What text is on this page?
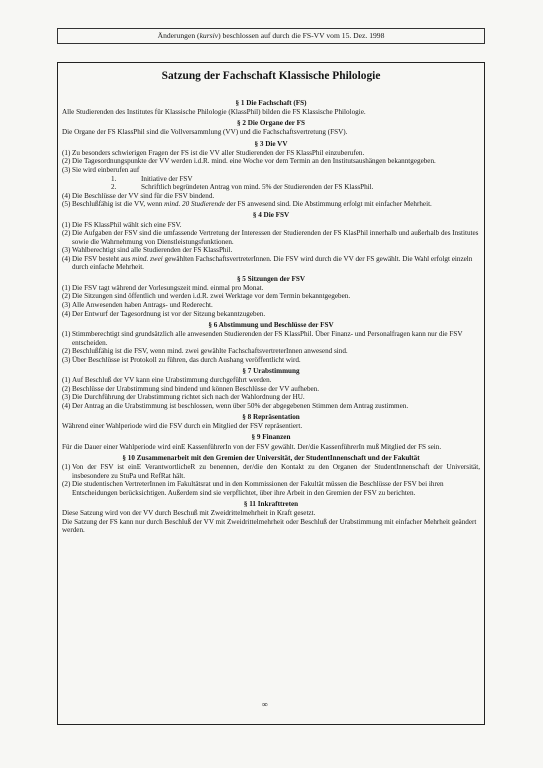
Änderungen (kursiv) beschlossen auf durch die FS-VV vom 15. Dez. 1998
Satzung der Fachschaft Klassische Philologie
§ 1 Die Fachschaft (FS)

Alle Studierenden des Institutes für Klassische Philologie (KlassPhil) bilden die FS Klassische Philologie.

§ 2 Die Organe der FS

Die Organe der FS KlassPhil sind die Vollversammlung (VV) und die Fachschaftsvertretung (FSV).

§ 3 Die VV
(1) Zu besonders schwierigen Fragen der FS ist die VV aller Studierenden der FS KlassPhil einzuberufen.
(2) Die Tagesordnungspunkte der VV werden i.d.R. mind. eine Woche vor dem Termin an den Institutsaushängen bekanntgegeben.
(3) Sie wird einberufen auf
1.	Initiative der FSV
2.	Schriftlich begründeten Antrag von mind. 5% der Studierenden der FS KlassPhil.
(4) Die Beschlüsse der VV sind für die FSV bindend.
(5) Beschlußfähig ist die VV, wenn mind. 20 Studierende der FS anwesend sind. Die Abstimmung erfolgt mit einfacher Mehrheit.
§ 4 Die FSV
(1) Die FS KlassPhil wählt sich eine FSV.
(2) Die Aufgaben der FSV sind die umfassende Vertretung der Interessen der Studierenden der FS KlasPhil innerhalb und außerhalb des Institutes sowie die Wahrnehmung von Dienstleistungsfunktionen.
(3) Wahlberechtigt sind alle Studierenden der FS KlassPhil.
(4) Die FSV besteht aus mind. zwei gewählten FachschaftsvertreterInnen. Die FSV wird durch die VV der FS gewählt. Die Wahl erfolgt einzeln durch einfache Mehrheit.
§ 5 Sitzungen der FSV
(1) Die FSV tagt während der Vorlesungszeit mind. einmal pro Monat.
(2) Die Sitzungen sind öffentlich und werden i.d.R. zwei Werktage vor dem Termin bekanntgegeben.
(3) Alle Anwesenden haben Antrags- und Rederecht.
(4) Der Entwurf der Tagesordnung ist vor der Sitzung bekanntzugeben.
§ 6 Abstimmung und Beschlüsse der FSV
(1) Stimmberechtigt sind grundsätzlich alle anwesenden Studierenden der FS KlassPhil. Über Finanz- und Personalfragen kann nur die FSV entscheiden.
(2) Beschlußfähig ist die FSV, wenn mind. zwei gewählte FachschaftsvertreterInnen anwesend sind.
(3) Über Beschlüsse ist Protokoll zu führen, das durch Aushang veröffentlicht wird.
§ 7 Urabstimmung
(1) Auf Beschluß der VV kann eine Urabstimmung durchgeführt werden.
(2) Beschlüsse der Urabstimmung sind bindend und können Beschlüsse der VV aufheben.
(3) Die Durchführung der Urabstimmung richtet sich nach der Wahlordnung der HU.
(4) Der Antrag an die Urabstimmung ist beschlossen, wenn über 50% der abgegebenen Stimmen dem Antrag zustimmen.
§ 8 Repräsentation

Während einer Wahlperiode wird die FSV durch ein Mitglied der FSV repräsentiert.

§ 9 Finanzen

Für die Dauer einer Wahlperiode wird einE KassenführerIn von der FSV gewählt. Der/die KassenführerIn muß Mitglied der FS sein.

§ 10 Zusammenarbeit mit den Gremien der Universität, der StudentInnenschaft und der Fakultät
(1) Von der FSV ist einE VerantwortlicheR zu benennen, der/die den Kontakt zu den Organen der StudentInnenschaft der Universität, insbesondere zu StuPa und RefRat hält.
(2) Die studentischen VertreterInnen im Fakultätsrat und in den Kommissionen der Fakultät müssen die Beschlüsse der FSV bei ihren Entscheidungen berücksichtigen. Außerdem sind sie verpflichtet, über ihre Arbeit in den Gremien der FSV zu berichten.
§ 11 Inkrafttreten

Diese Satzung wird von der VV durch Beschuß mit Zweidrittelmehrheit in Kraft gesetzt.

Die Satzung der FS kann nur durch Beschluß der VV mit Zweidrittelmehrheit oder Beschluß der Urabstimmung mit einfacher Mehrheit geändert werden.

∞
